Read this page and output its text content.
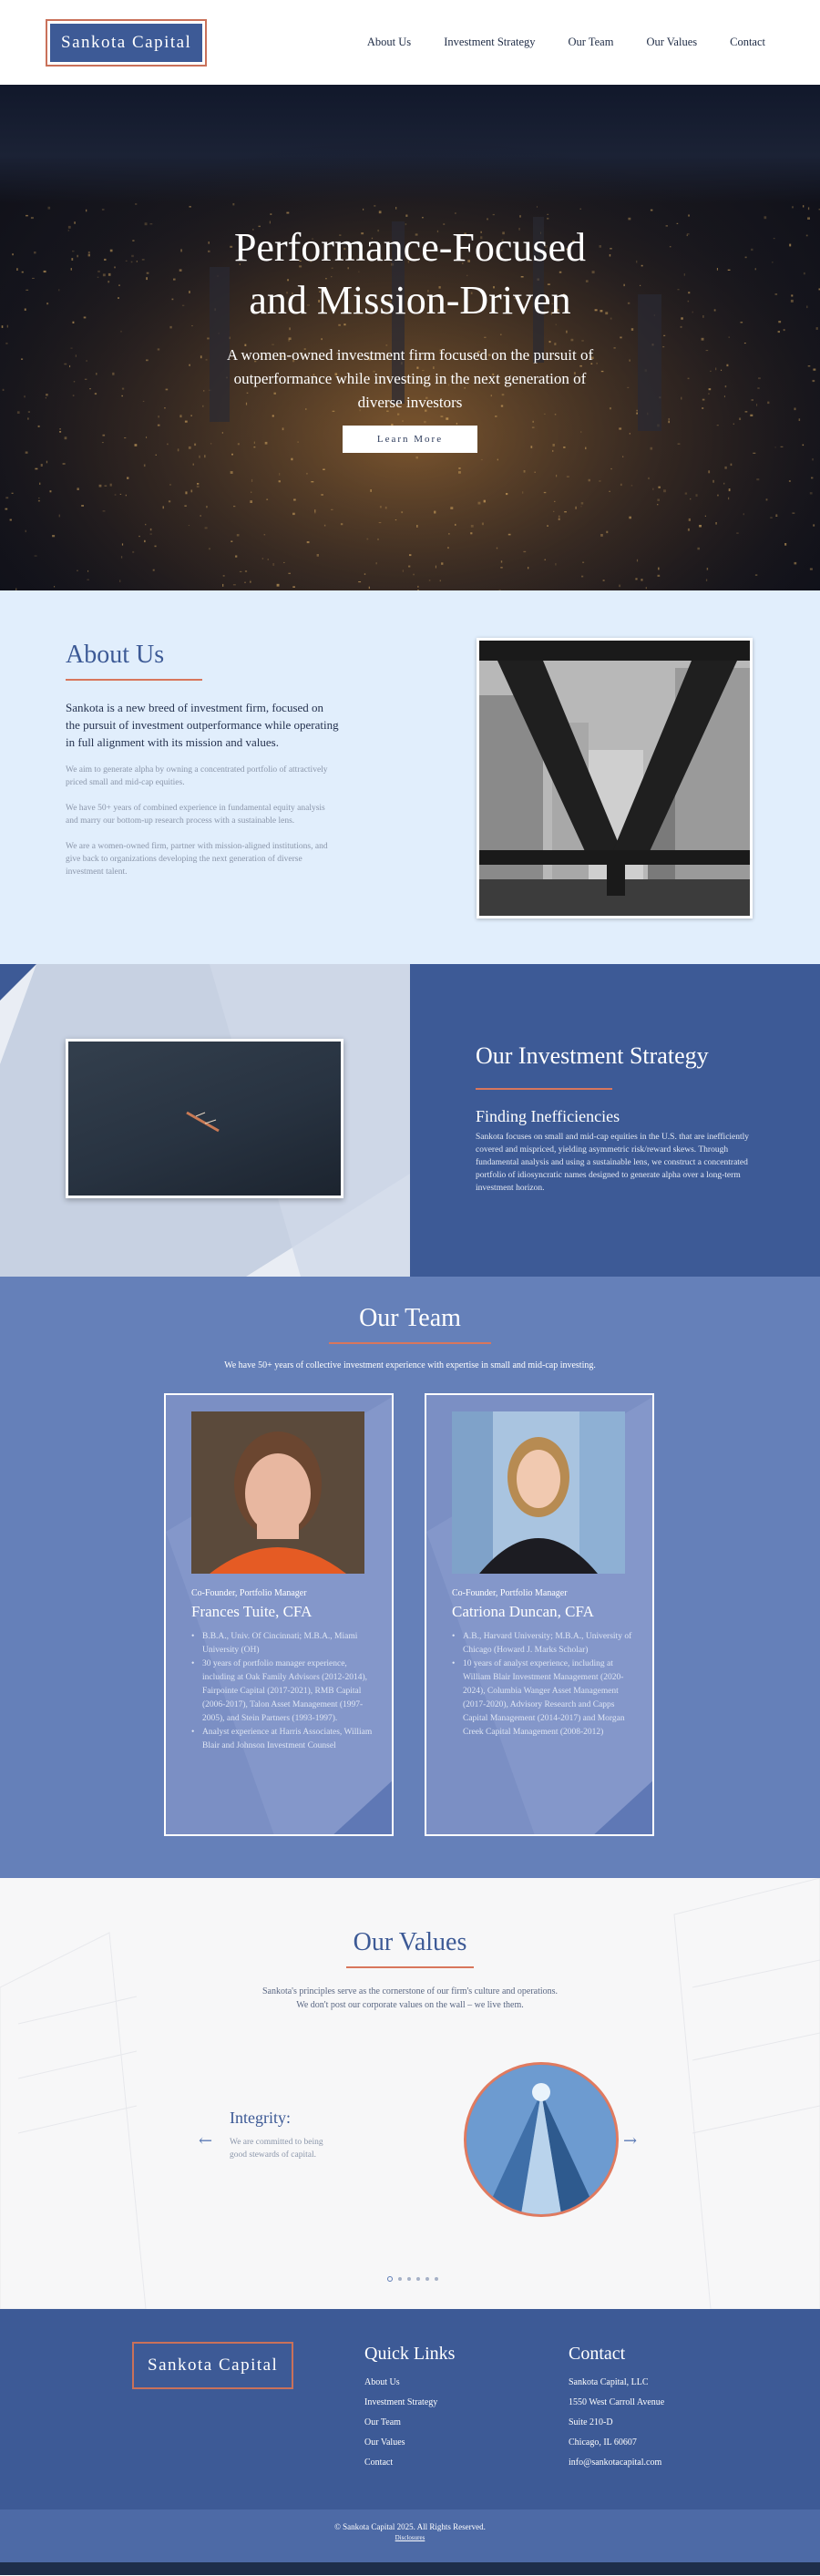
Sankota Capital	About Us	Investment Strategy	Our Team	Our Values	Contact
Performance-Focused
and Mission-Driven

A women-owned investment firm focused on the pursuit of outperformance while investing in the next generation of diverse investors

Learn More
About Us

Sankota is a new breed of investment firm, focused on the pursuit of investment outperformance while operating in full alignment with its mission and values.

We aim to generate alpha by owning a concentrated portfolio of attractively priced small and mid-cap equities.

We have 50+ years of combined experience in fundamental equity analysis and marry our bottom-up research process with a sustainable lens.

We are a women-owned firm, partner with mission-aligned institutions, and give back to organizations developing the next generation of diverse investment talent.

Our Investment Strategy
Finding Inefficiencies

Sankota focuses on small and mid-cap equities in the U.S. that are inefficiently covered and mispriced, yielding asymmetric risk/reward skews. Through fundamental analysis and using a sustainable lens, we construct a concentrated portfolio of idiosyncratic names designed to generate alpha over a long-term investment horizon.

Our Team

We have 50+ years of collective investment experience with expertise in small and mid-cap investing.

Co-Founder, Portfolio Manager
Frances Tuite, CFA
• B.B.A., Univ. Of Cincinnati; M.B.A., Miami University (OH)
• 30 years of portfolio manager experience, including at Oak Family Advisors (2012-2014), Fairpointe Capital (2017-2021), RMB Capital (2006-2017), Talon Asset Management (1997-2005), and Stein Partners (1993-1997).
• Analyst experience at Harris Associates, William Blair and Johnson Investment Counsel
Co-Founder, Portfolio Manager
Catriona Duncan, CFA
• A.B., Harvard University; M.B.A., University of Chicago (Howard J. Marks Scholar)
• 10 years of analyst experience, including at William Blair Investment Management (2020-2024), Columbia Wanger Asset Management (2017-2020), Advisory Research and Capps Capital Management (2014-2017) and Morgan Creek Capital Management (2008-2012)
Our Values

Sankota's principles serve as the cornerstone of our firm's culture and operations. We don't post our corporate values on the wall – we live them.

←
Integrity:

We are committed to being good stewards of capital.

→
Sankota Capital
Quick Links
About Us
Investment Strategy
Our Team
Our Values
Contact
Contact
Sankota Capital, LLC
1550 West Carroll Avenue
Suite 210-D
Chicago, IL 60607
info@sankotacapital.com
© Sankota Capital 2025. All Rights Reserved.
Disclosures
